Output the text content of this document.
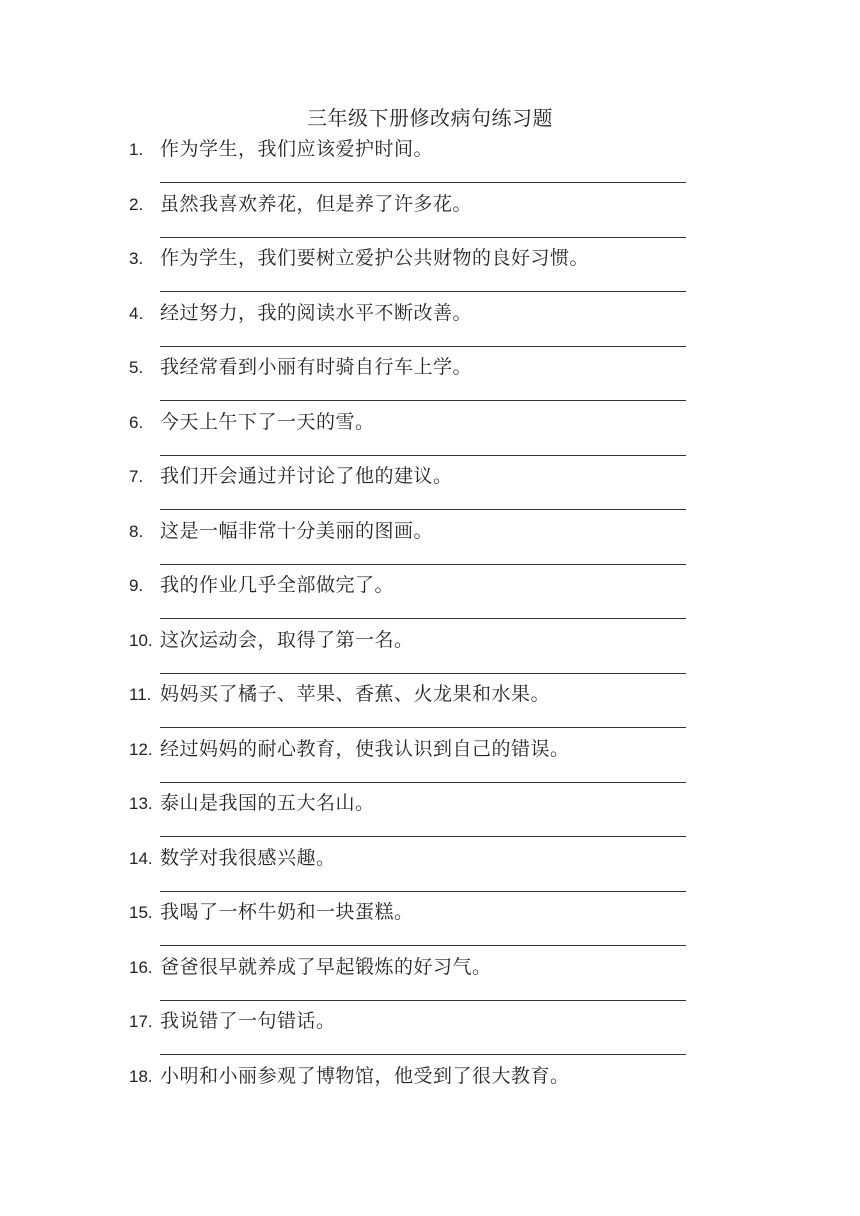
三年级下册修改病句练习题
1. 作为学生，我们应该爱护时间。
2. 虽然我喜欢养花，但是养了许多花。
3. 作为学生，我们要树立爱护公共财物的良好习惯。
4. 经过努力，我的阅读水平不断改善。
5. 我经常看到小丽有时骑自行车上学。
6. 今天上午下了一天的雪。
7. 我们开会通过并讨论了他的建议。
8. 这是一幅非常十分美丽的图画。
9. 我的作业几乎全部做完了。
10. 这次运动会，取得了第一名。
11. 妈妈买了橘子、苹果、香蕉、火龙果和水果。
12. 经过妈妈的耐心教育，使我认识到自己的错误。
13. 泰山是我国的五大名山。
14. 数学对我很感兴趣。
15. 我喝了一杯牛奶和一块蛋糕。
16. 爸爸很早就养成了早起锻炼的好习气。
17. 我说错了一句错话。
18. 小明和小丽参观了博物馆，他受到了很大教育。
